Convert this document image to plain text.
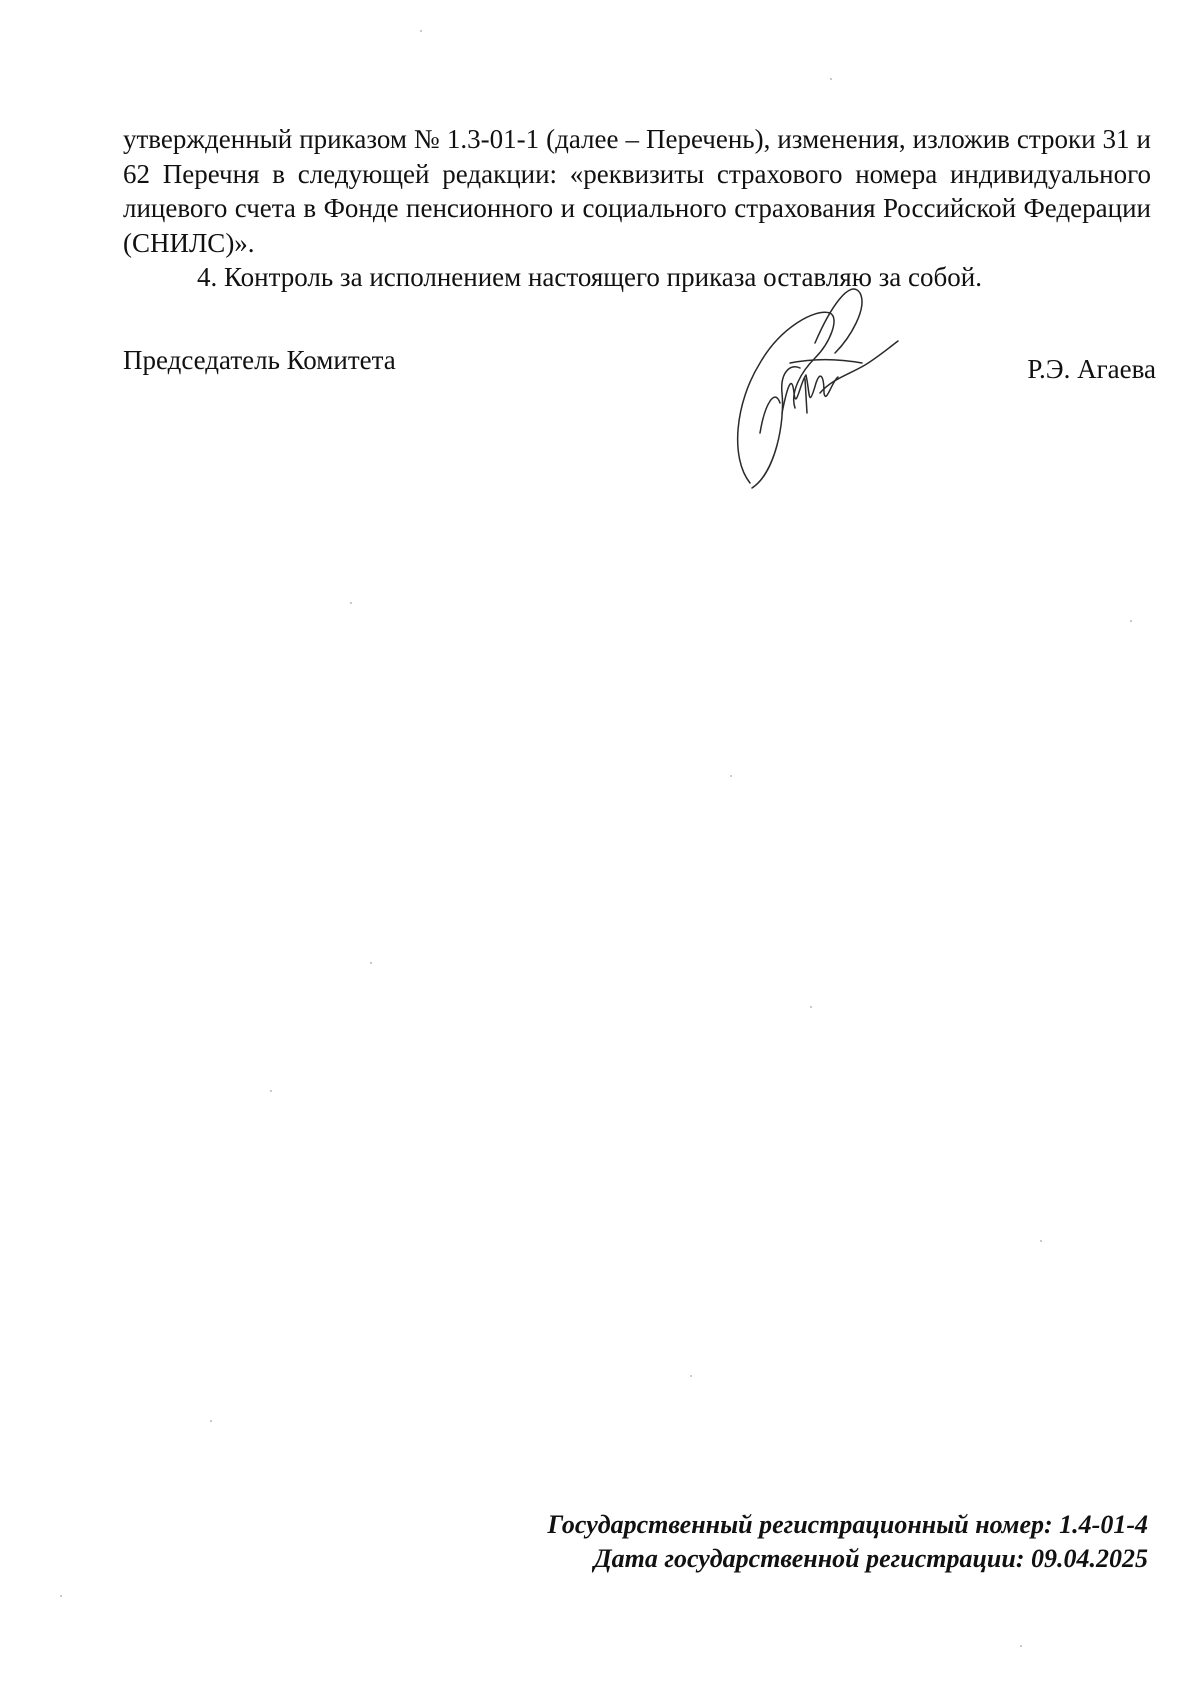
утвержденный приказом № 1.3-01-1 (далее – Перечень), изменения, изложив строки 31 и 62 Перечня в следующей редакции: «реквизиты страхового номера индивидуального лицевого счета в Фонде пенсионного и социального страхования Российской Федерации (СНИЛС)».

4. Контроль за исполнением настоящего приказа оставляю за собой.

Председатель Комитета	Р.Э. Агаева
Государственный регистрационный номер: 1.4-01-4
Дата государственной регистрации: 09.04.2025
